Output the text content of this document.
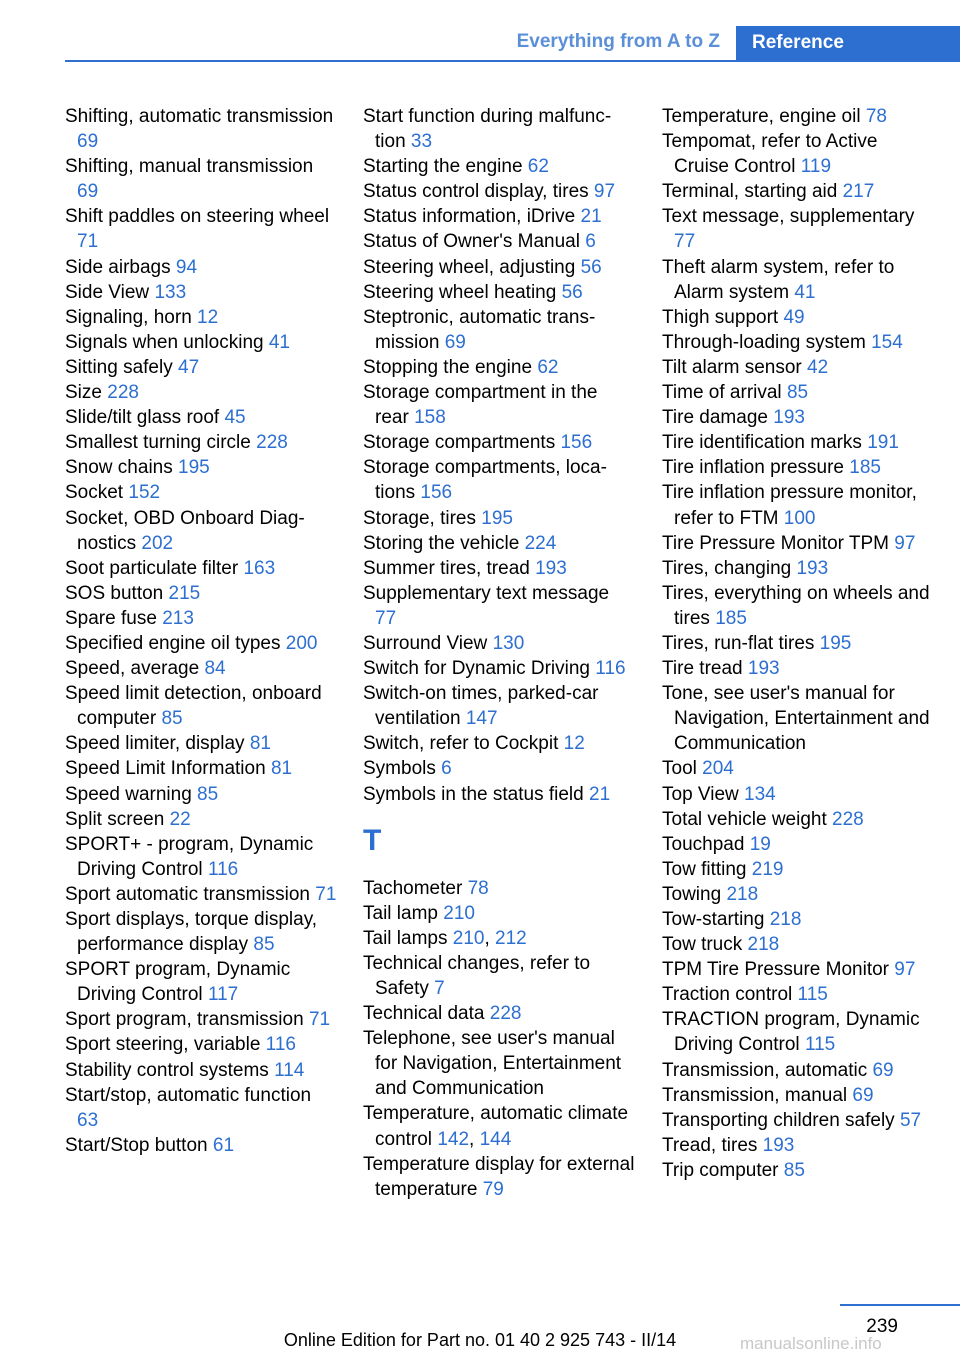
Everything from A to Z	Reference

Shifting, automatic transmission 69

Shifting, manual transmission 69

Shift paddles on steering wheel 71

Side airbags 94

Side View 133

Signaling, horn 12

Signals when unlocking 41

Sitting safely 47

Size 228

Slide/tilt glass roof 45

Smallest turning circle 228

Snow chains 195

Socket 152

Socket, OBD Onboard Diagnostics 202

Soot particulate filter 163

SOS button 215

Spare fuse 213

Specified engine oil types 200

Speed, average 84

Speed limit detection, onboard computer 85

Speed limiter, display 81

Speed Limit Information 81

Speed warning 85

Split screen 22

SPORT+ - program, Dynamic Driving Control 116

Sport automatic transmission 71

Sport displays, torque display, performance display 85

SPORT program, Dynamic Driving Control 117

Sport program, transmission 71

Sport steering, variable 116

Stability control systems 114

Start/stop, automatic function 63

Start/Stop button 61

Start function during malfunction 33

Starting the engine 62

Status control display, tires 97

Status information, iDrive 21

Status of Owner's Manual 6

Steering wheel, adjusting 56

Steering wheel heating 56

Steptronic, automatic transmission 69

Stopping the engine 62

Storage compartment in the rear 158

Storage compartments 156

Storage compartments, locations 156

Storage, tires 195

Storing the vehicle 224

Summer tires, tread 193

Supplementary text message 77

Surround View 130

Switch for Dynamic Driving 116

Switch-on times, parked-car ventilation 147

Switch, refer to Cockpit 12

Symbols 6

Symbols in the status field 21

T

Tachometer 78

Tail lamp 210

Tail lamps 210, 212

Technical changes, refer to Safety 7

Technical data 228

Telephone, see user's manual for Navigation, Entertainment and Communication

Temperature, automatic climate control 142, 144

Temperature display for external temperature 79

Temperature, engine oil 78

Tempomat, refer to Active Cruise Control 119

Terminal, starting aid 217

Text message, supplementary 77

Theft alarm system, refer to Alarm system 41

Thigh support 49

Through-loading system 154

Tilt alarm sensor 42

Time of arrival 85

Tire damage 193

Tire identification marks 191

Tire inflation pressure 185

Tire inflation pressure monitor, refer to FTM 100

Tire Pressure Monitor TPM 97

Tires, changing 193

Tires, everything on wheels and tires 185

Tires, run-flat tires 195

Tire tread 193

Tone, see user's manual for Navigation, Entertainment and Communication

Tool 204

Top View 134

Total vehicle weight 228

Touchpad 19

Tow fitting 219

Towing 218

Tow-starting 218

Tow truck 218

TPM Tire Pressure Monitor 97

Traction control 115

TRACTION program, Dynamic Driving Control 115

Transmission, automatic 69

Transmission, manual 69

Transporting children safely 57

Tread, tires 193

Trip computer 85

239
Online Edition for Part no. 01 40 2 925 743 - II/14	manualsonline.info
